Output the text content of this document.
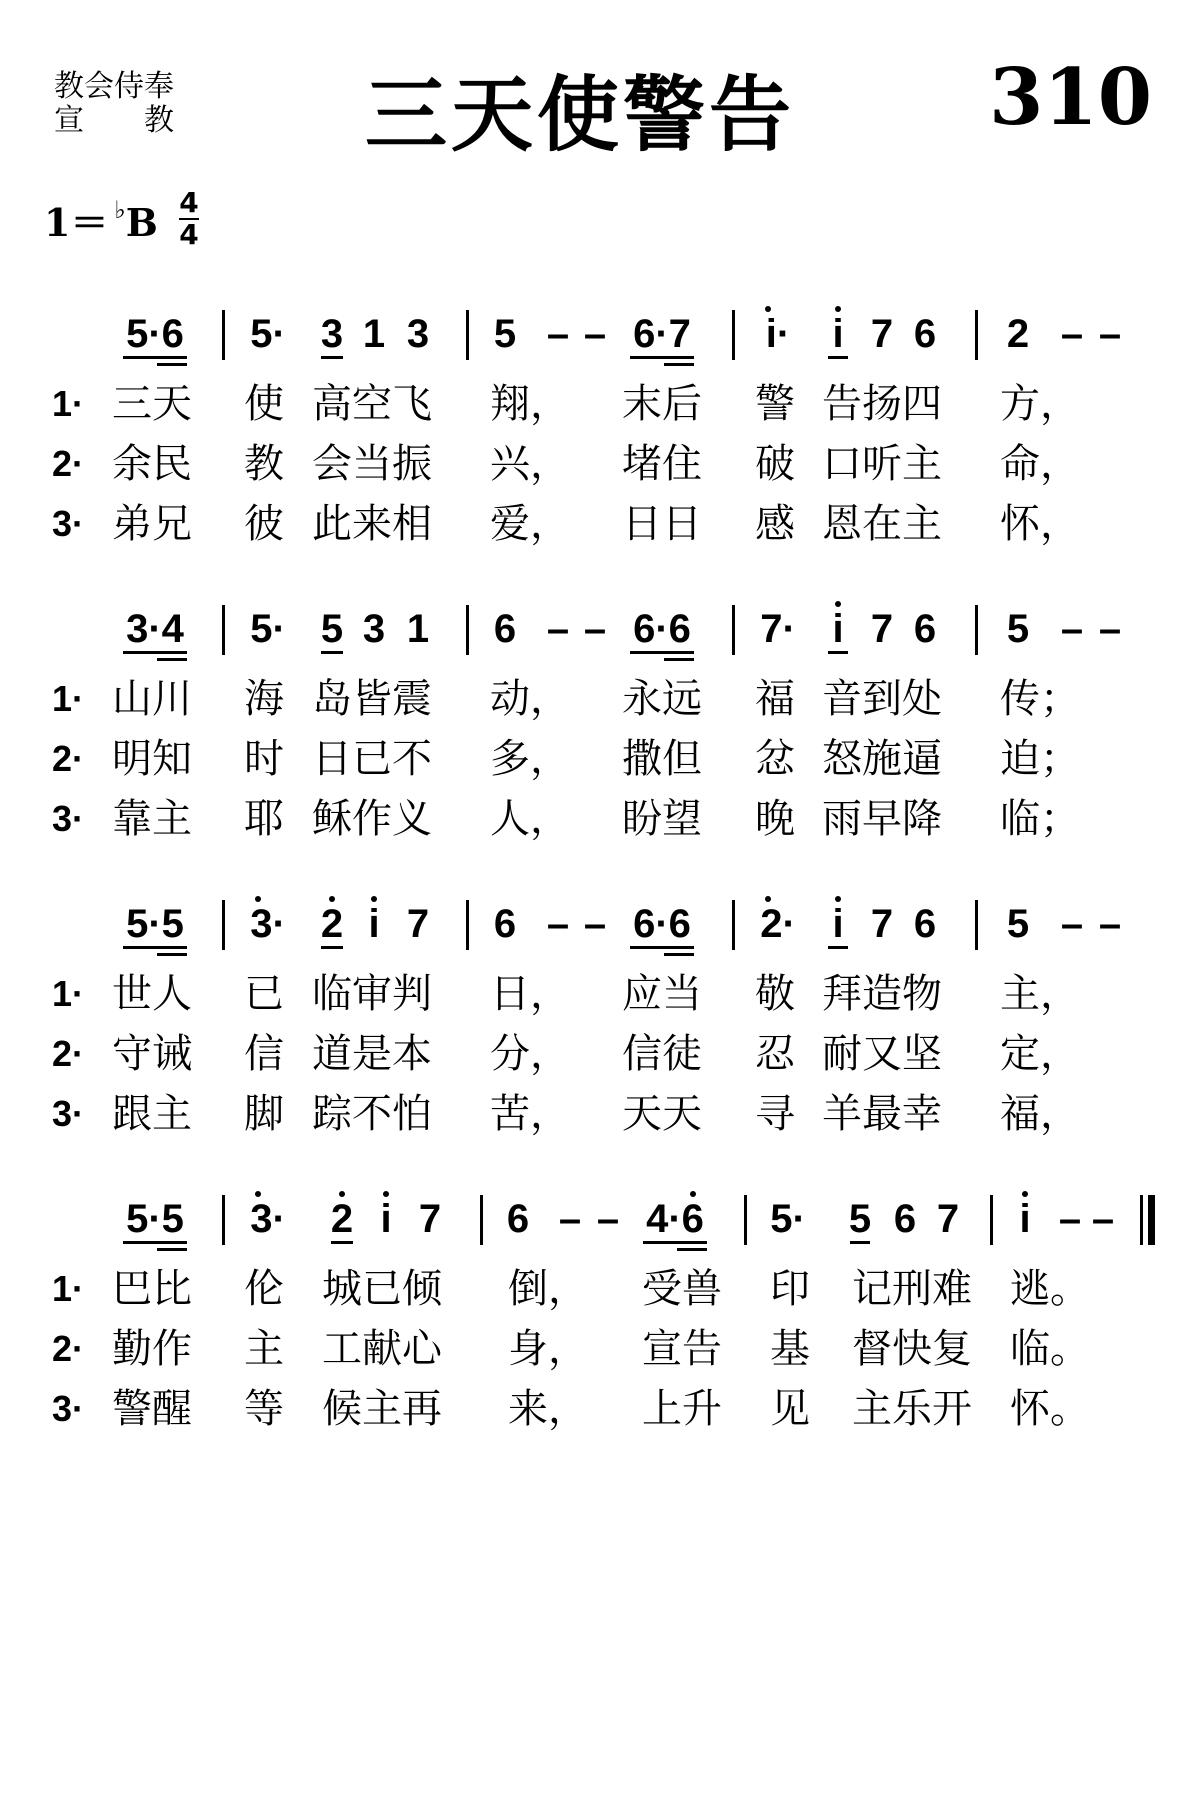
教会侍奉
宣教 三天使警告 310
1＝ ♭B 4
4
5·6 5· 3 1 3 5 – – 6·7 i· i 7 6 2 – –
1· 三天 使 高空飞 翔， 末后 警 告扬四 方，
2· 余民 教 会当振 兴， 堵住 破 口听主 命，
3· 弟兄 彼 此来相 爱， 日日 感 恩在主 怀，
3·4 5· 5 3 1 6 – – 6·6 7· i 7 6 5 – –
1· 山川 海 岛皆震 动， 永远 福 音到处 传；
2· 明知 时 日已不 多， 撒但 忿 怒施逼 迫；
3· 靠主 耶 稣作义 人， 盼望 晚 雨早降 临；
5·5 3· 2 i 7 6 – – 6·6 2· i 7 6 5 – –
1· 世人 已 临审判 日， 应当 敬 拜造物 主，
2· 守诫 信 道是本 分， 信徒 忍 耐又坚 定，
3· 跟主 脚 踪不怕 苦， 天天 寻 羊最幸 福，
5·5 3· 2 i 7 6 – – 4·6 5· 5 6 7 i – –
1· 巴比 伦 城已倾 倒， 受兽 印 记刑难 逃。
2· 勤作 主 工献心 身， 宣告 基 督快复 临。
3· 警醒 等 候主再 来， 上升 见 主乐开 怀。
